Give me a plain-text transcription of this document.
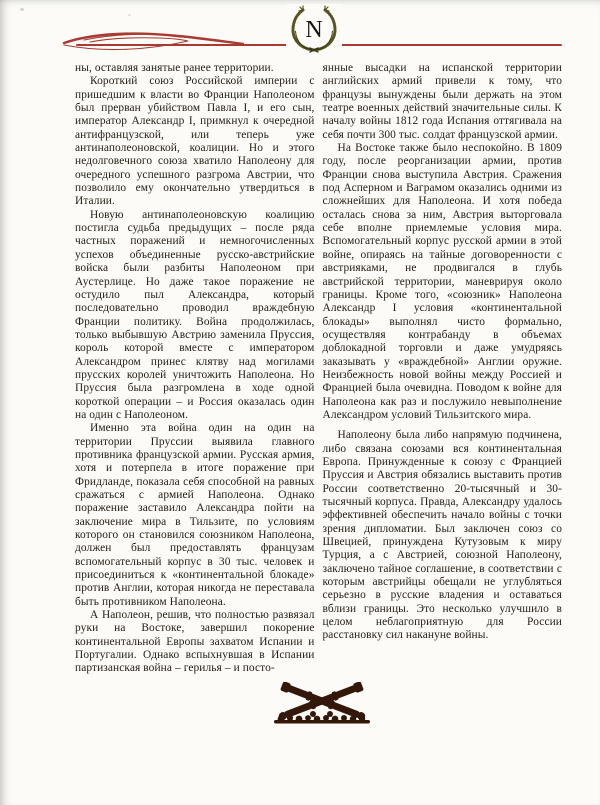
N

ны, оставляя занятые ранее территории.

Короткий союз Российской империи с пришедшим к власти во Франции Наполеоном был прерван убийством Павла I, и его сын, император Александр I, примкнул к очередной антифранцузской, или теперь уже антинаполеоновской, коалиции. Но и этого недолговечного союза хватило Наполеону для очередного успешного разгрома Австрии, что позволило ему окончательно утвердиться в Италии.

Новую антинаполеоновскую коалицию постигла судьба предыдущих – после ряда частных поражений и немногочисленных успехов объединенные русско-австрийские войска были разбиты Наполеоном при Аустерлице. Но даже такое поражение не остудило пыл Александра, который последовательно проводил враждебную Франции политику. Война продолжилась, только выбывшую Австрию заменила Пруссия, король которой вместе с императором Александром принес клятву над могилами прусских королей уничтожить Наполеона. Но Пруссия была разгромлена в ходе одной короткой операции – и Россия оказалась один на один с Наполеоном.

Именно эта война один на один на территории Пруссии выявила главного противника французской армии. Русская армия, хотя и потерпела в итоге поражение при Фридланде, показала себя способной на равных сражаться с армией Наполеона. Однако поражение заставило Александра пойти на заключение мира в Тильзите, по условиям которого он становился союзником Наполеона, должен был предоставлять французам вспомогательный корпус в 30 тыс. человек и присоединиться к «континентальной блокаде» против Англии, которая никогда не переставала быть противником Наполеона.

А Наполеон, решив, что полностью развязал руки на Востоке, завершил покорение континентальной Европы захватом Испании и Португалии. Однако вспыхнувшая в Испании партизанская война – герилья – и посто-

янные высадки на испанской территории английских армий привели к тому, что французы вынуждены были держать на этом театре военных действий значительные силы. К началу войны 1812 года Испания оттягивала на себя почти 300 тыс. солдат французской армии.

На Востоке также было неспокойно. В 1809 году, после реорганизации армии, против Франции снова выступила Австрия. Сражения под Асперном и Ваграмом оказались одними из сложнейших для Наполеона. И хотя победа осталась снова за ним, Австрия выторговала себе вполне приемлемые условия мира. Вспомогательный корпус русской армии в этой войне, опираясь на тайные договоренности с австрияками, не продвигался в глубь австрийской территории, маневрируя около границы. Кроме того, «союзник» Наполеона Александр I условия «континентальной блокады» выполнял чисто формально, осуществляя контрабанду в объемах доблокадной торговли и даже умудряясь заказывать у «враждебной» Англии оружие. Неизбежность новой войны между Россией и Францией была очевидна. Поводом к войне для Наполеона как раз и послужило невыполнение Александром условий Тильзитского мира.

Наполеону была либо напрямую подчинена, либо связана союзами вся континентальная Европа. Принужденные к союзу с Францией Пруссия и Австрия обязались выставить против России соответственно 20-тысячный и 30-тысячный корпуса. Правда, Александру удалось эффективней обеспечить начало войны с точки зрения дипломатии. Был заключен союз со Швецией, принуждена Кутузовым к миру Турция, а с Австрией, союзной Наполеону, заключено тайное соглашение, в соответствии с которым австрийцы обещали не углубляться серьезно в русские владения и оставаться вблизи границы. Это несколько улучшило в целом неблагоприятную для России расстановку сил накануне войны.
